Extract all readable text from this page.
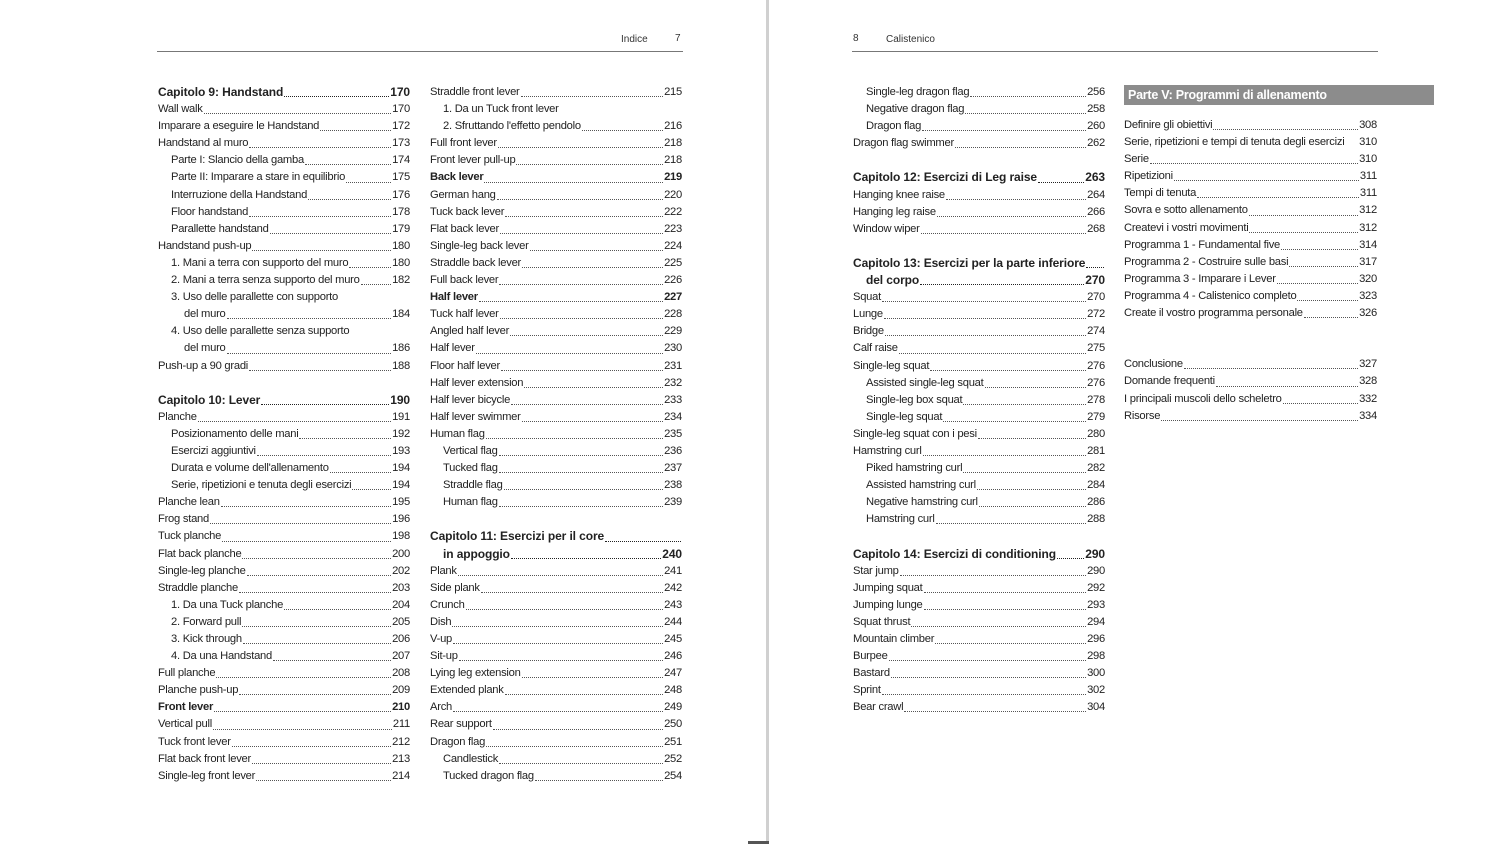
Indice	7
Capitolo 9: Handstand	170
Wall walk	170
Imparare a eseguire le Handstand	172
Handstand al muro	173
Parte I: Slancio della gamba	174
Parte II: Imparare a stare in equilibrio	175
Interruzione della Handstand	176
Floor handstand	178
Parallette handstand	179
Handstand push-up	180
1. Mani a terra con supporto del muro	180
2. Mani a terra senza supporto del muro	182
3. Uso delle parallette con supporto
del muro	184
4. Uso delle parallette senza supporto
del muro	186
Push-up a 90 gradi	188
Capitolo 10: Lever	190
Planche	191
Posizionamento delle mani	192
Esercizi aggiuntivi	193
Durata e volume dell'allenamento	194
Serie, ripetizioni e tenuta degli esercizi	194
Planche lean	195
Frog stand	196
Tuck planche	198
Flat back planche	200
Single-leg planche	202
Straddle planche	203
1. Da una Tuck planche	204
2. Forward pull	205
3. Kick through	206
4. Da una Handstand	207
Full planche	208
Planche push-up	209
Front lever	210
Vertical pull	211
Tuck front lever	212
Flat back front lever	213
Single-leg front lever	214
Straddle front lever	215
1. Da un Tuck front lever
2. Sfruttando l'effetto pendolo	216
Full front lever	218
Front lever pull-up	218
Back lever	219
German hang	220
Tuck back lever	222
Flat back lever	223
Single-leg back lever	224
Straddle back lever	225
Full back lever	226
Half lever	227
Tuck half lever	228
Angled half lever	229
Half lever	230
Floor half lever	231
Half lever extension	232
Half lever bicycle	233
Half lever swimmer	234
Human flag	235
Vertical flag	236
Tucked flag	237
Straddle flag	238
Human flag	239
Capitolo 11: Esercizi per il core
in appoggio	240
Plank	241
Side plank	242
Crunch	243
Dish	244
V-up	245
Sit-up	246
Lying leg extension	247
Extended plank	248
Arch	249
Rear support	250
Dragon flag	251
Candlestick	252
Tucked dragon flag	254
8	Calistenico
Single-leg dragon flag	256
Negative dragon flag	258
Dragon flag	260
Dragon flag swimmer	262
Capitolo 12: Esercizi di Leg raise	263
Hanging knee raise	264
Hanging leg raise	266
Window wiper	268
Capitolo 13: Esercizi per la parte inferiore
del corpo	270
Squat	270
Lunge	272
Bridge	274
Calf raise	275
Single-leg squat	276
Assisted single-leg squat	276
Single-leg box squat	278
Single-leg squat	279
Single-leg squat con i pesi	280
Hamstring curl	281
Piked hamstring curl	282
Assisted hamstring curl	284
Negative hamstring curl	286
Hamstring curl	288
Capitolo 14: Esercizi di conditioning 290
Star jump	290
Jumping squat	292
Jumping lunge	293
Squat thrust	294
Mountain climber	296
Burpee	298
Bastard	300
Sprint	302
Bear crawl	304
Parte V: Programmi di allenamento
Definire gli obiettivi	308
Serie, ripetizioni e tempi di tenuta degli esercizi 310
Serie	310
Ripetizioni	311
Tempi di tenuta	311
Sovra e sotto allenamento	312
Createvi i vostri movimenti	312
Programma 1 - Fundamental five	314
Programma 2 - Costruire sulle basi	317
Programma 3 - Imparare i Lever	320
Programma 4 - Calistenico completo	323
Create il vostro programma personale	326
Conclusione	327
Domande frequenti	328
I principali muscoli dello scheletro	332
Risorse	334
